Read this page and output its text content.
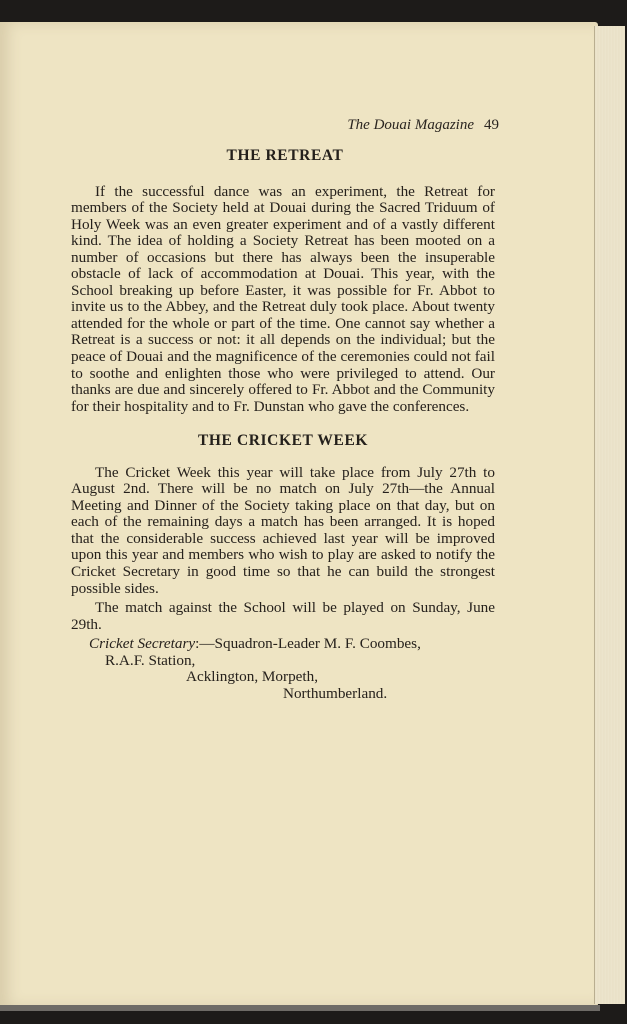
The Douai Magazine 49
THE RETREAT

If the successful dance was an experiment, the Retreat for members of the Society held at Douai during the Sacred Triduum of Holy Week was an even greater experiment and of a vastly different kind. The idea of holding a Society Retreat has been mooted on a number of occasions but there has always been the insuperable obstacle of lack of accommodation at Douai. This year, with the School breaking up before Easter, it was possible for Fr. Abbot to invite us to the Abbey, and the Retreat duly took place. About twenty attended for the whole or part of the time. One cannot say whether a Retreat is a success or not: it all depends on the individual; but the peace of Douai and the magnificence of the ceremonies could not fail to soothe and enlighten those who were privileged to attend. Our thanks are due and sincerely offered to Fr. Abbot and the Community for their hospitality and to Fr. Dunstan who gave the conferences.

THE CRICKET WEEK

The Cricket Week this year will take place from July 27th to August 2nd. There will be no match on July 27th—the Annual Meeting and Dinner of the Society taking place on that day, but on each of the remaining days a match has been arranged. It is hoped that the considerable success achieved last year will be improved upon this year and members who wish to play are asked to notify the Cricket Secretary in good time so that he can build the strongest possible sides.

The match against the School will be played on Sunday, June 29th.

Cricket Secretary:—Squadron-Leader M. F. Coombes,
R.A.F. Station,
Acklington, Morpeth,
Northumberland.
